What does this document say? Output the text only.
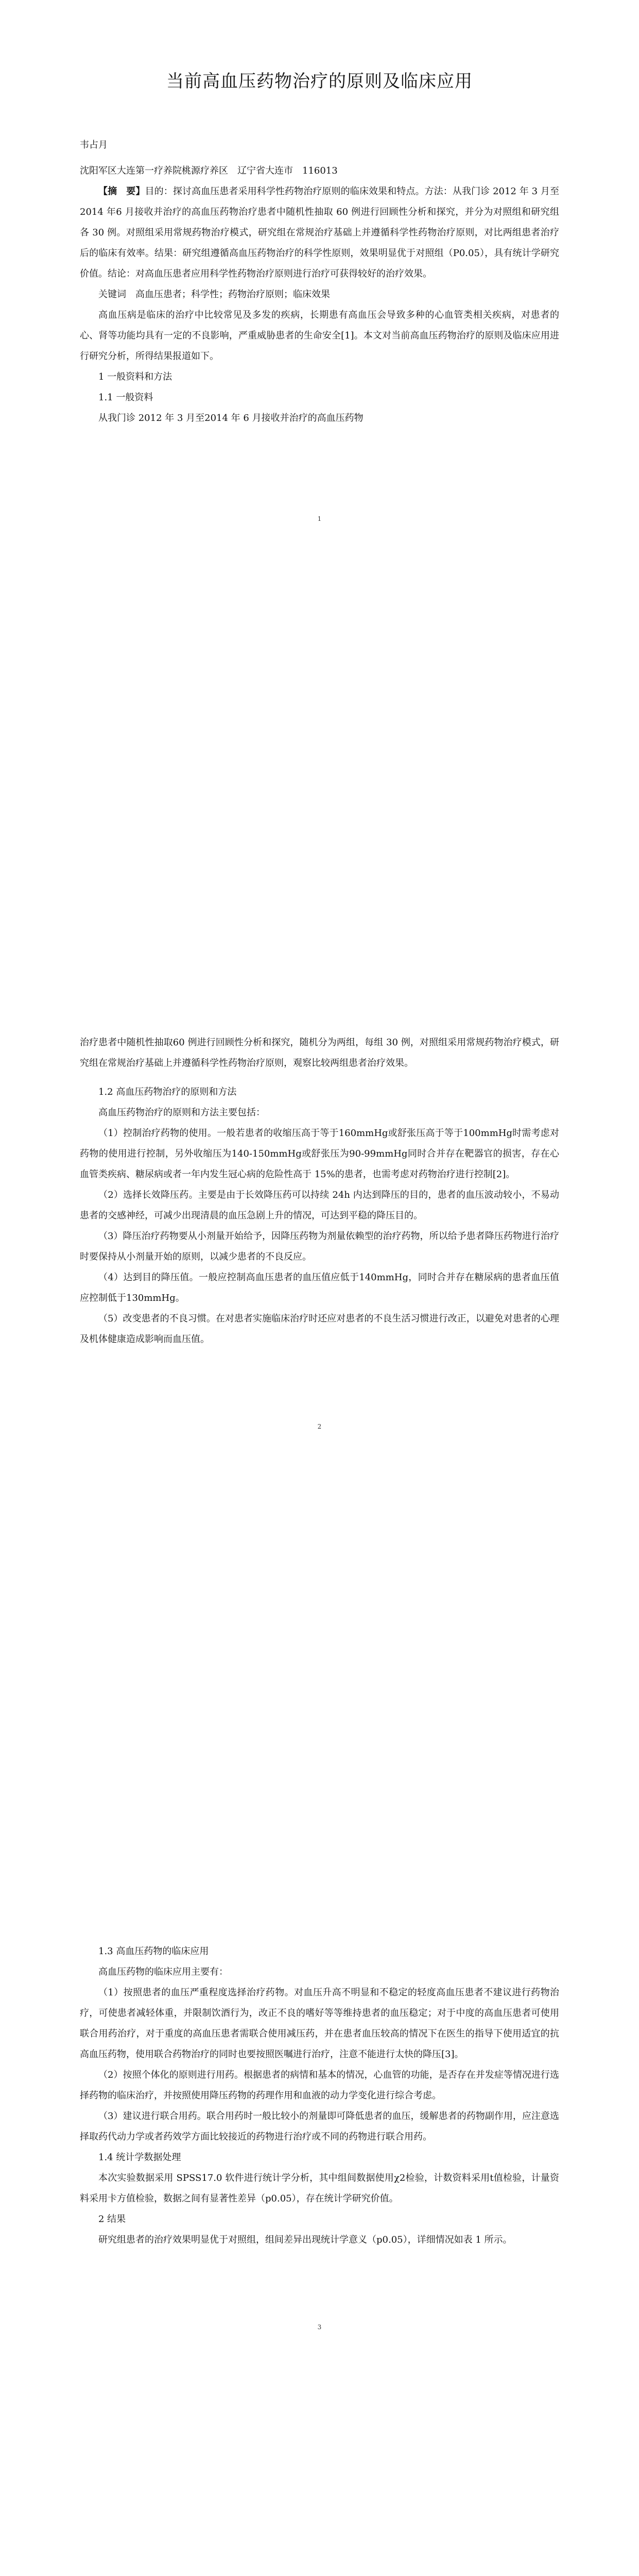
当前高血压药物治疗的原则及临床应用

韦占月

沈阳军区大连第一疗养院桃源疗养区　辽宁省大连市　116013

【摘　要】目的：探讨高血压患者采用科学性药物治疗原则的临床效果和特点。方法：从我门诊 2012 年 3 月至2014 年6 月接收并治疗的高血压药物治疗患者中随机性抽取 60 例进行回顾性分析和探究，并分为对照组和研究组各 30 例。对照组采用常规药物治疗模式，研究组在常规治疗基础上并遵循科学性药物治疗原则，对比两组患者治疗后的临床有效率。结果：研究组遵循高血压药物治疗的科学性原则，效果明显优于对照组（P0.05），具有统计学研究价值。结论：对高血压患者应用科学性药物治疗原则进行治疗可获得较好的治疗效果。

关键词　 高血压患者；科学性；药物治疗原则；临床效果

高血压病是临床的治疗中比较常见及多发的疾病，长期患有高血压会导致多种的心血管类相关疾病，对患者的心、肾等功能均具有一定的不良影响，严重威胁患者的生命安全[1]。本文对当前高血压药物治疗的原则及临床应用进行研究分析，所得结果报道如下。

1 一般资料和方法

1.1 一般资料

从我门诊 2012 年 3 月至2014 年 6 月接收并治疗的高血压药物

1

治疗患者中随机性抽取60 例进行回顾性分析和探究，随机分为两组，每组 30 例，对照组采用常规药物治疗模式，研究组在常规治疗基础上并遵循科学性药物治疗原则，观察比较两组患者治疗效果。

1.2 高血压药物治疗的原则和方法

高血压药物治疗的原则和方法主要包括：

（1）控制治疗药物的使用。一般若患者的收缩压高于等于160mmHg或舒张压高于等于100mmHg时需考虑对药物的使用进行控制，另外收缩压为140-150mmHg或舒张压为90-99mmHg同时合并存在靶器官的损害，存在心血管类疾病、糖尿病或者一年内发生冠心病的危险性高于 15%的患者，也需考虑对药物治疗进行控制[2]。

（2）选择长效降压药。主要是由于长效降压药可以持续 24h 内达到降压的目的，患者的血压波动较小，不易动患者的交感神经，可减少出现清晨的血压急剧上升的情况，可达到平稳的降压目的。

（3）降压治疗药物要从小剂量开始给予，因降压药物为剂量依赖型的治疗药物，所以给予患者降压药物进行治疗时要保持从小剂量开始的原则，以减少患者的不良反应。

（4）达到目的降压值。一般应控制高血压患者的血压值应低于140mmHg，同时合并存在糖尿病的患者血压值应控制低于130mmHg。

（5）改变患者的不良习惯。在对患者实施临床治疗时还应对患者的不良生活习惯进行改正，以避免对患者的心理及机体健康造成影响而血压值。

2

1.3 高血压药物的临床应用

高血压药物的临床应用主要有：

（1）按照患者的血压严重程度选择治疗药物。对血压升高不明显和不稳定的轻度高血压患者不建议进行药物治疗，可使患者减轻体重，并限制饮酒行为，改正不良的嗜好等等维持患者的血压稳定；对于中度的高血压患者可使用联合用药治疗，对于重度的高血压患者需联合使用减压药，并在患者血压较高的情况下在医生的指导下使用适宜的抗高血压药物，使用联合药物治疗的同时也要按照医嘱进行治疗，注意不能进行太快的降压[3]。

（2）按照个体化的原则进行用药。根据患者的病情和基本的情况，心血管的功能，是否存在并发症等情况进行选择药物的临床治疗，并按照使用降压药物的药理作用和血液的动力学变化进行综合考虑。

（3）建议进行联合用药。联合用药时一般比较小的剂量即可降低患者的血压，缓解患者的药物副作用，应注意选择取药代动力学或者药效学方面比较接近的药物进行治疗或不同的药物进行联合用药。

1.4 统计学数据处理

本次实验数据采用 SPSS17.0 软件进行统计学分析，其中组间数据使用χ2检验，计数资料采用t值检验，计量资料采用卡方值检验，数据之间有显著性差异（p0.05），存在统计学研究价值。

2 结果

研究组患者的治疗效果明显优于对照组，组间差异出现统计学意义（p0.05），详细情况如表 1 所示。

3
